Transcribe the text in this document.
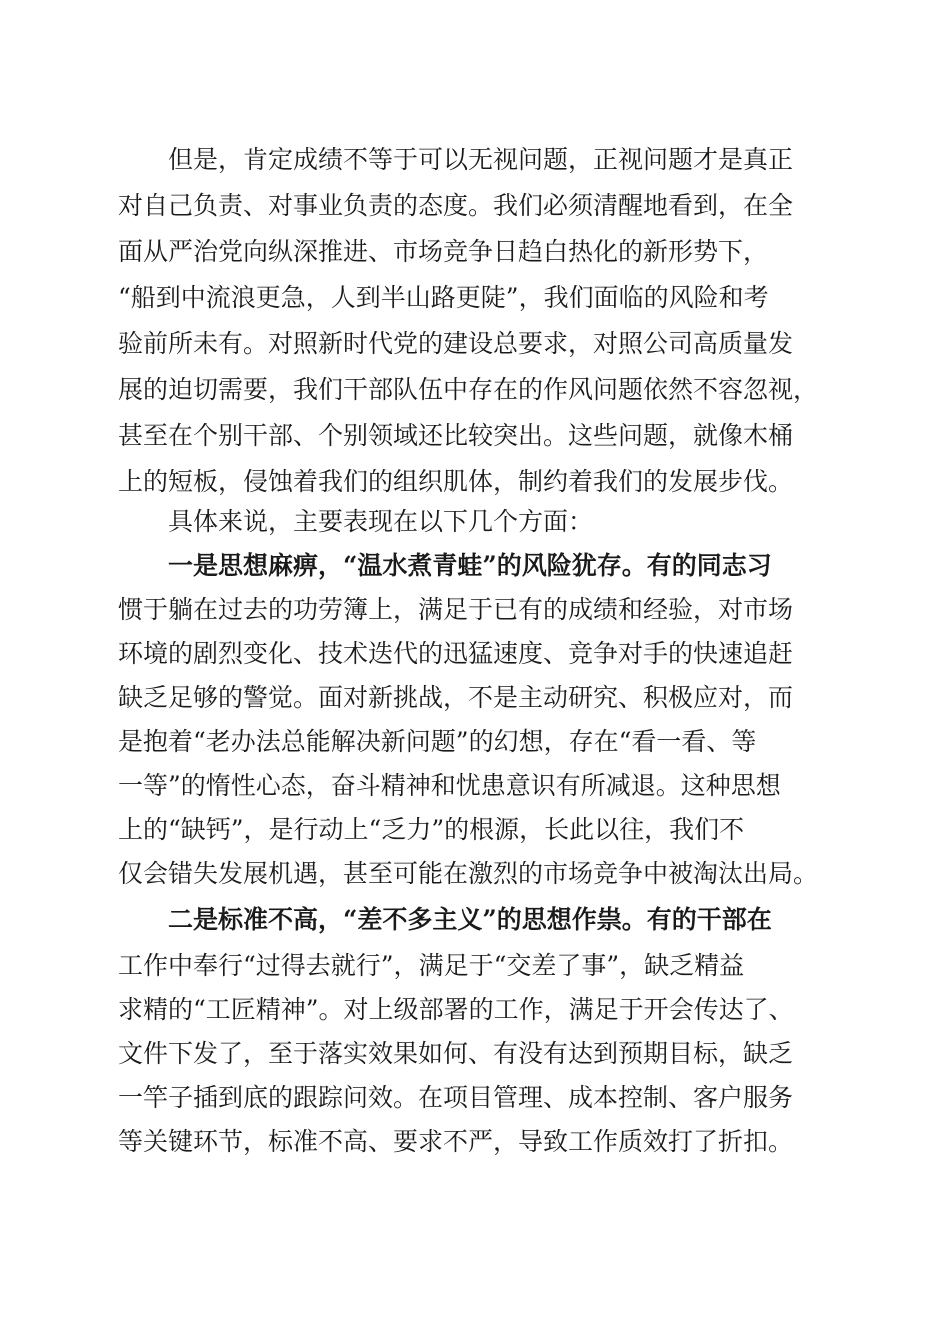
但是，肯定成绩不等于可以无视问题，正视问题才是真正

对自己负责、对事业负责的态度。我们必须清醒地看到，在全

面从严治党向纵深推进、市场竞争日趋白热化的新形势下，

“船到中流浪更急，人到半山路更陡”，我们面临的风险和考

验前所未有。对照新时代党的建设总要求，对照公司高质量发

展的迫切需要，我们干部队伍中存在的作风问题依然不容忽视，

甚至在个别干部、个别领域还比较突出。这些问题，就像木桶

上的短板，侵蚀着我们的组织肌体，制约着我们的发展步伐。

具体来说，主要表现在以下几个方面：

一是思想麻痹，“温水煮青蛙”的风险犹存。有的同志习

惯于躺在过去的功劳簿上，满足于已有的成绩和经验，对市场

环境的剧烈变化、技术迭代的迅猛速度、竞争对手的快速追赶

缺乏足够的警觉。面对新挑战，不是主动研究、积极应对，而

是抱着“老办法总能解决新问题”的幻想，存在“看一看、等

一等”的惰性心态，奋斗精神和忧患意识有所减退。这种思想

上的“缺钙”，是行动上“乏力”的根源，长此以往，我们不

仅会错失发展机遇，甚至可能在激烈的市场竞争中被淘汰出局。

二是标准不高，“差不多主义”的思想作祟。有的干部在

工作中奉行“过得去就行”，满足于“交差了事”，缺乏精益

求精的“工匠精神”。对上级部署的工作，满足于开会传达了、

文件下发了，至于落实效果如何、有没有达到预期目标，缺乏

一竿子插到底的跟踪问效。在项目管理、成本控制、客户服务

等关键环节，标准不高、要求不严，导致工作质效打了折扣。
